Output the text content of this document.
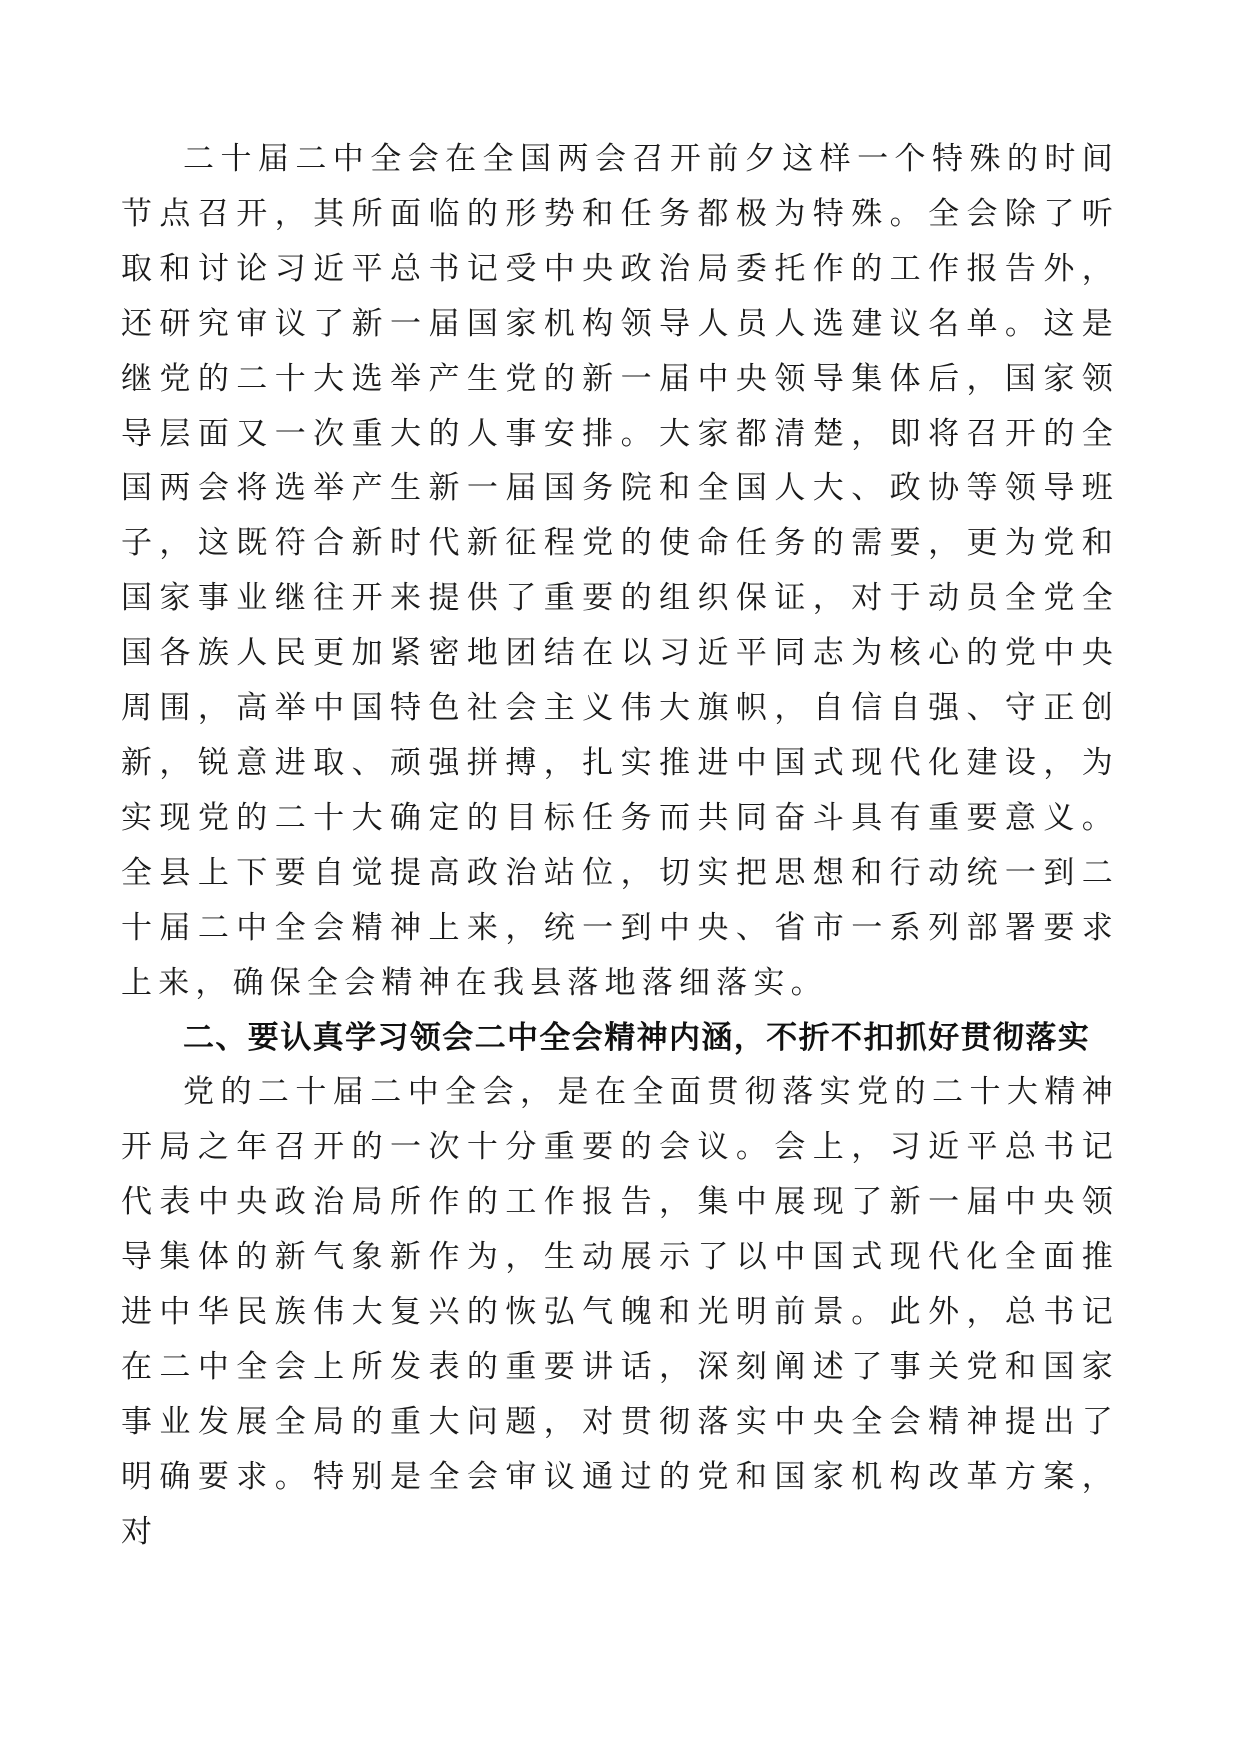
二十届二中全会在全国两会召开前夕这样一个特殊的时间节点召开，其所面临的形势和任务都极为特殊。全会除了听取和讨论习近平总书记受中央政治局委托作的工作报告外，还研究审议了新一届国家机构领导人员人选建议名单。这是继党的二十大选举产生党的新一届中央领导集体后，国家领导层面又一次重大的人事安排。大家都清楚，即将召开的全国两会将选举产生新一届国务院和全国人大、政协等领导班子，这既符合新时代新征程党的使命任务的需要，更为党和国家事业继往开来提供了重要的组织保证，对于动员全党全国各族人民更加紧密地团结在以习近平同志为核心的党中央周围，高举中国特色社会主义伟大旗帜，自信自强、守正创新，锐意进取、顽强拼搏，扎实推进中国式现代化建设，为实现党的二十大确定的目标任务而共同奋斗具有重要意义。全县上下要自觉提高政治站位，切实把思想和行动统一到二十届二中全会精神上来，统一到中央、省市一系列部署要求上来，确保全会精神在我县落地落细落实。

二、要认真学习领会二中全会精神内涵，不折不扣抓好贯彻落实

党的二十届二中全会，是在全面贯彻落实党的二十大精神开局之年召开的一次十分重要的会议。会上，习近平总书记代表中央政治局所作的工作报告，集中展现了新一届中央领导集体的新气象新作为，生动展示了以中国式现代化全面推进中华民族伟大复兴的恢弘气魄和光明前景。此外，总书记在二中全会上所发表的重要讲话，深刻阐述了事关党和国家事业发展全局的重大问题，对贯彻落实中央全会精神提出了明确要求。特别是全会审议通过的党和国家机构改革方案，对
